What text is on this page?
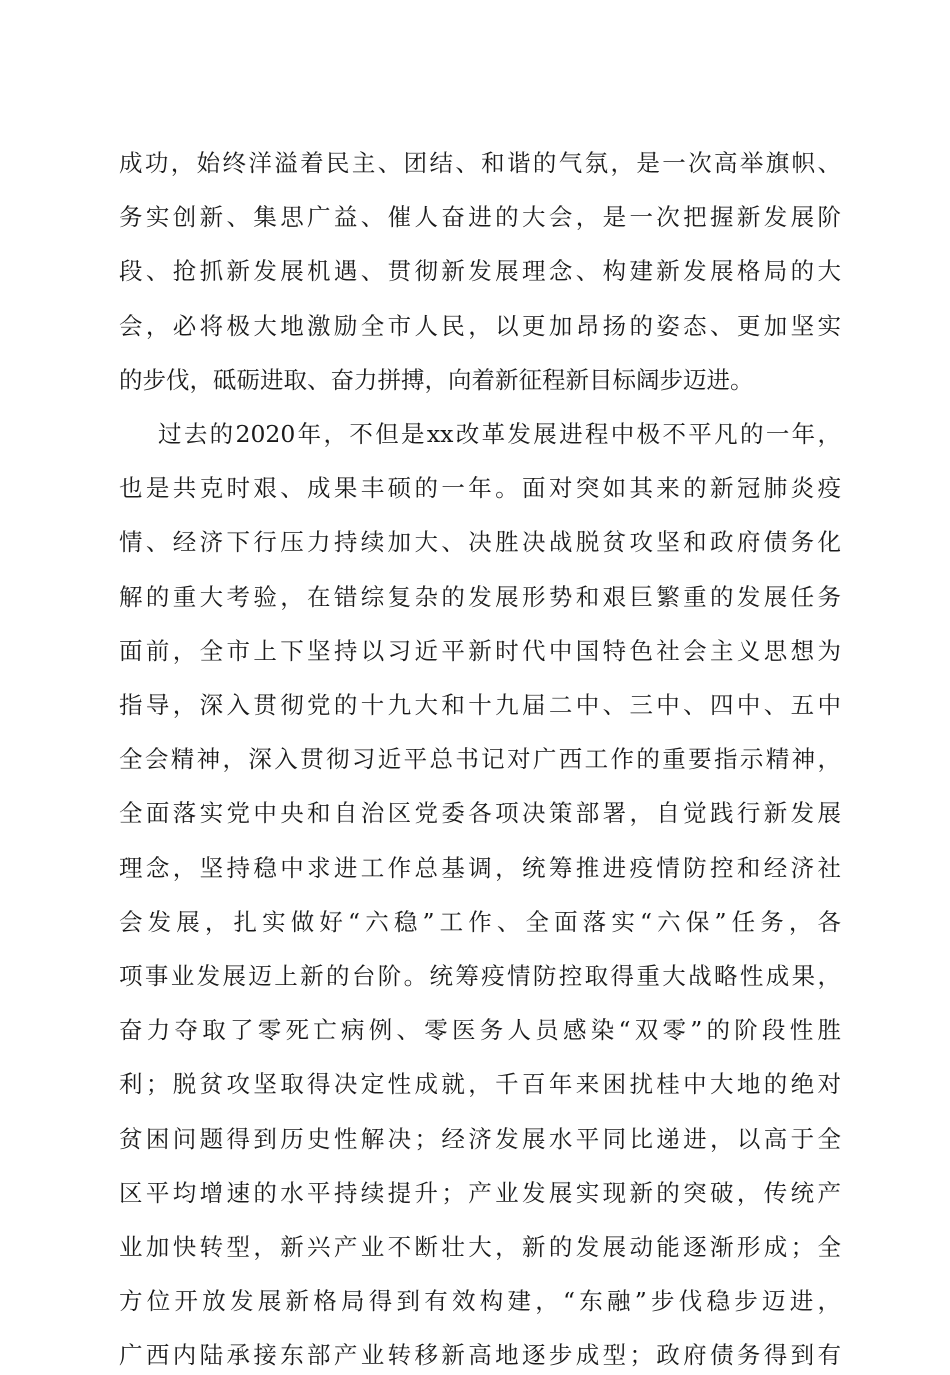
成功，始终洋溢着民主、团结、和谐的气氛，是一次高举旗帜、
务实创新、集思广益、催人奋进的大会，是一次把握新发展阶
段、抢抓新发展机遇、贯彻新发展理念、构建新发展格局的大
会，必将极大地激励全市人民，以更加昂扬的姿态、更加坚实
的步伐，砥砺进取、奋力拼搏，向着新征程新目标阔步迈进。
过去的2020年，不但是xx改革发展进程中极不平凡的一年，
也是共克时艰、成果丰硕的一年。面对突如其来的新冠肺炎疫
情、经济下行压力持续加大、决胜决战脱贫攻坚和政府债务化
解的重大考验，在错综复杂的发展形势和艰巨繁重的发展任务
面前，全市上下坚持以习近平新时代中国特色社会主义思想为
指导，深入贯彻党的十九大和十九届二中、三中、四中、五中
全会精神，深入贯彻习近平总书记对广西工作的重要指示精神，
全面落实党中央和自治区党委各项决策部署，自觉践行新发展
理念，坚持稳中求进工作总基调，统筹推进疫情防控和经济社
会发展，扎实做好“六稳”工作、全面落实“六保”任务，各
项事业发展迈上新的台阶。统筹疫情防控取得重大战略性成果，
奋力夺取了零死亡病例、零医务人员感染“双零”的阶段性胜
利；脱贫攻坚取得决定性成就，千百年来困扰桂中大地的绝对
贫困问题得到历史性解决；经济发展水平同比递进，以高于全
区平均增速的水平持续提升；产业发展实现新的突破，传统产
业加快转型，新兴产业不断壮大，新的发展动能逐渐形成；全
方位开放发展新格局得到有效构建，“东融”步伐稳步迈进，
广西内陆承接东部产业转移新高地逐步成型；政府债务得到有
